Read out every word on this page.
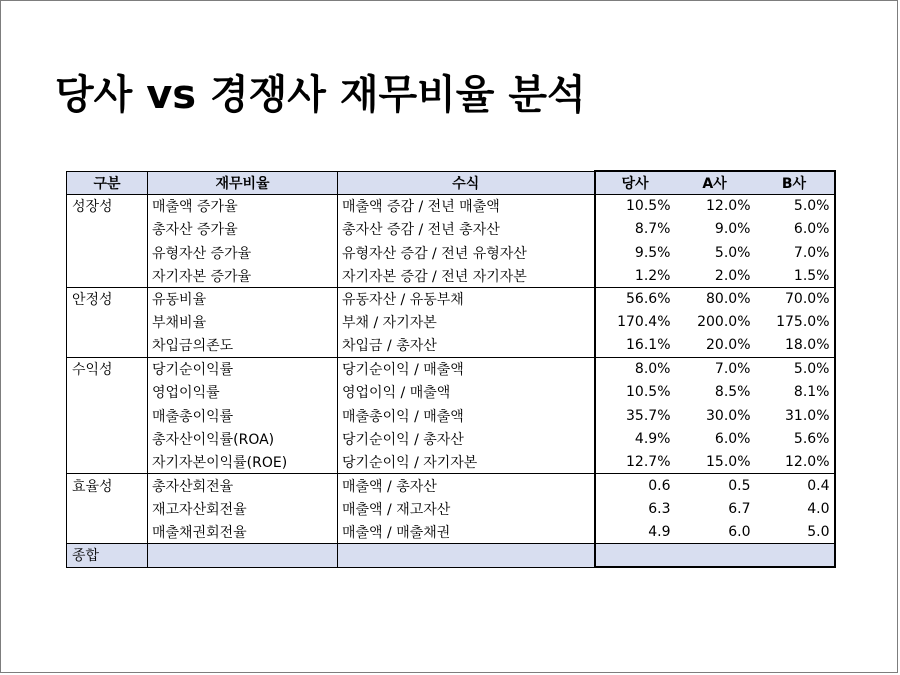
당사 vs 경쟁사 재무비율 분석
구분	재무비율	수식	당사	A사	B사
성장성	매출액 증가율	매출액 증감 / 전년 매출액	10.5%	12.0%	5.0%
	총자산 증가율	총자산 증감 / 전년 총자산	8.7%	9.0%	6.0%
	유형자산 증가율	유형자산 증감 / 전년 유형자산	9.5%	5.0%	7.0%
	자기자본 증가율	자기자본 증감 / 전년 자기자본	1.2%	2.0%	1.5%
안정성	유동비율	유동자산 / 유동부채	56.6%	80.0%	70.0%
	부채비율	부채 / 자기자본	170.4%	200.0%	175.0%
	차입금의존도	차입금 / 총자산	16.1%	20.0%	18.0%
수익성	당기순이익률	당기순이익 / 매출액	8.0%	7.0%	5.0%
	영업이익률	영업이익 / 매출액	10.5%	8.5%	8.1%
	매출총이익률	매출총이익 / 매출액	35.7%	30.0%	31.0%
	총자산이익률(ROA)	당기순이익 / 총자산	4.9%	6.0%	5.6%
	자기자본이익률(ROE)	당기순이익 / 자기자본	12.7%	15.0%	12.0%
효율성	총자산회전율	매출액 / 총자산	0.6	0.5	0.4
	재고자산회전율	매출액 / 재고자산	6.3	6.7	4.0
	매출채권회전율	매출액 / 매출채권	4.9	6.0	5.0
종합					
